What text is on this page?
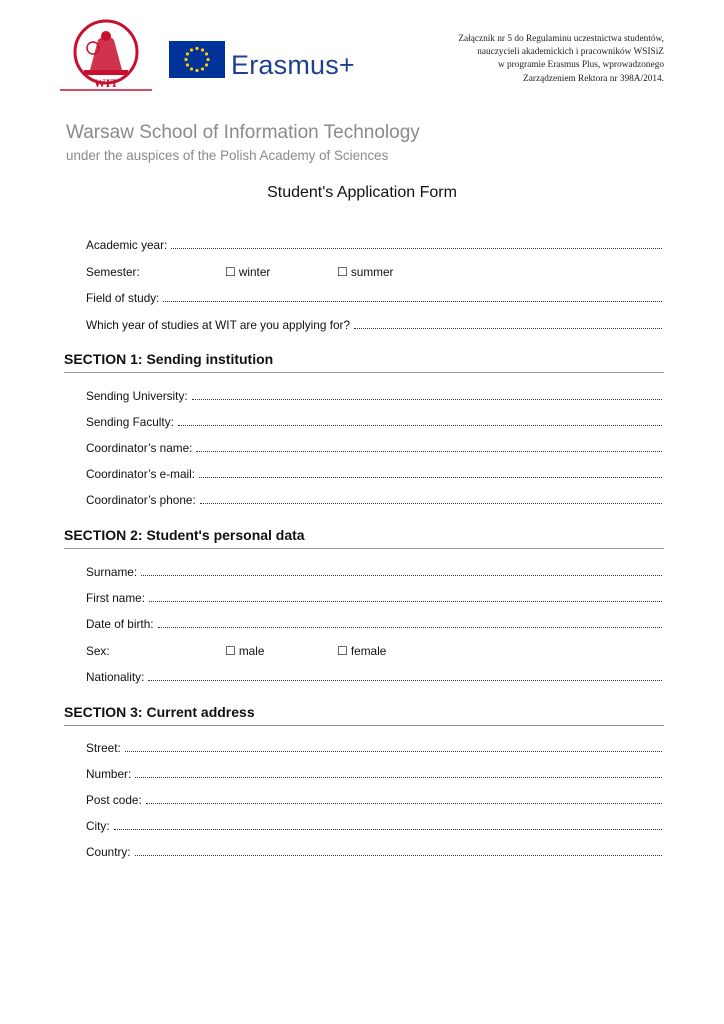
WIT
Erasmus+
Załącznik nr 5 do Regulaminu uczestnictwa studentów,
nauczycieli akademickich i pracowników WSISiZ
w programie Erasmus Plus, wprowadzonego
Zarządzeniem Rektora nr 398A/2014.
Warsaw School of Information Technology
under the auspices of the Polish Academy of Sciences
Student's Application Form
Academic year:
Semester:	☐ winter	☐ summer
Field of study:
Which year of studies at WIT are you applying for?
SECTION 1: Sending institution
Sending University:
Sending Faculty:
Coordinator’s name:
Coordinator’s e-mail:
Coordinator’s phone:
SECTION 2: Student's personal data
Surname:
First name:
Date of birth:
Sex:	☐ male	☐ female
Nationality:
SECTION 3: Current address
Street:
Number:
Post code:
City:
Country:
